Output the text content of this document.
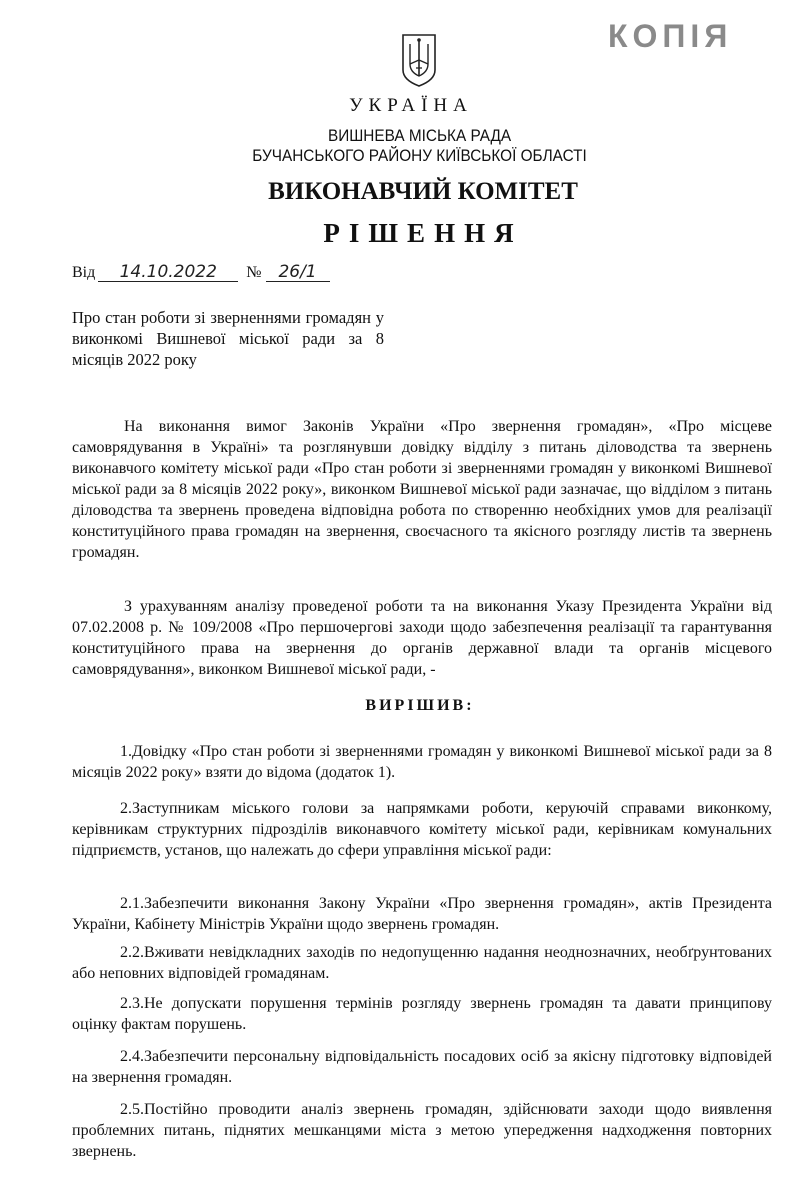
КОПІЯ
УКРАЇНА
ВИШНЕВА МІСЬКА РАДА
БУЧАНСЬКОГО РАЙОНУ КИЇВСЬКОЇ ОБЛАСТІ
ВИКОНАВЧИЙ КОМІТЕТ
РІШЕННЯ
Від 14.10.2022 № 26/1

Про стан роботи зі зверненнями громадян у виконкомі Вишневої міської ради за 8 місяців 2022 року

На виконання вимог Законів України «Про звернення громадян», «Про місцеве самоврядування в Україні» та розглянувши довідку відділу з питань діловодства та звернень виконавчого комітету міської ради «Про стан роботи зі зверненнями громадян у виконкомі Вишневої міської ради за 8 місяців 2022 року», виконком Вишневої міської ради зазначає, що відділом з питань діловодства та звернень проведена відповідна робота по створенню необхідних умов для реалізації конституційного права громадян на звернення, своєчасного та якісного розгляду листів та звернень громадян.

З урахуванням аналізу проведеної роботи та на виконання Указу Президента України від 07.02.2008 р. № 109/2008 «Про першочергові заходи щодо забезпечення реалізації та гарантування конституційного права на звернення до органів державної влади та органів місцевого самоврядування», виконком Вишневої міської ради, -

ВИРІШИВ:

1.Довідку «Про стан роботи зі зверненнями громадян у виконкомі Вишневої міської ради за 8 місяців 2022 року» взяти до відома (додаток 1).

2.Заступникам міського голови за напрямками роботи, керуючій справами виконкому, керівникам структурних підрозділів виконавчого комітету міської ради, керівникам комунальних підприємств, установ, що належать до сфери управління міської ради:

2.1.Забезпечити виконання Закону України «Про звернення громадян», актів Президента України, Кабінету Міністрів України щодо звернень громадян.

2.2.Вживати невідкладних заходів по недопущенню надання неоднозначних, необґрунтованих або неповних відповідей громадянам.

2.3.Не допускати порушення термінів розгляду звернень громадян та давати принципову оцінку фактам порушень.

2.4.Забезпечити персональну відповідальність посадових осіб за якісну підготовку відповідей на звернення громадян.

2.5.Постійно проводити аналіз звернень громадян, здійснювати заходи щодо виявлення проблемних питань, піднятих мешканцями міста з метою упередження надходження повторних звернень.
